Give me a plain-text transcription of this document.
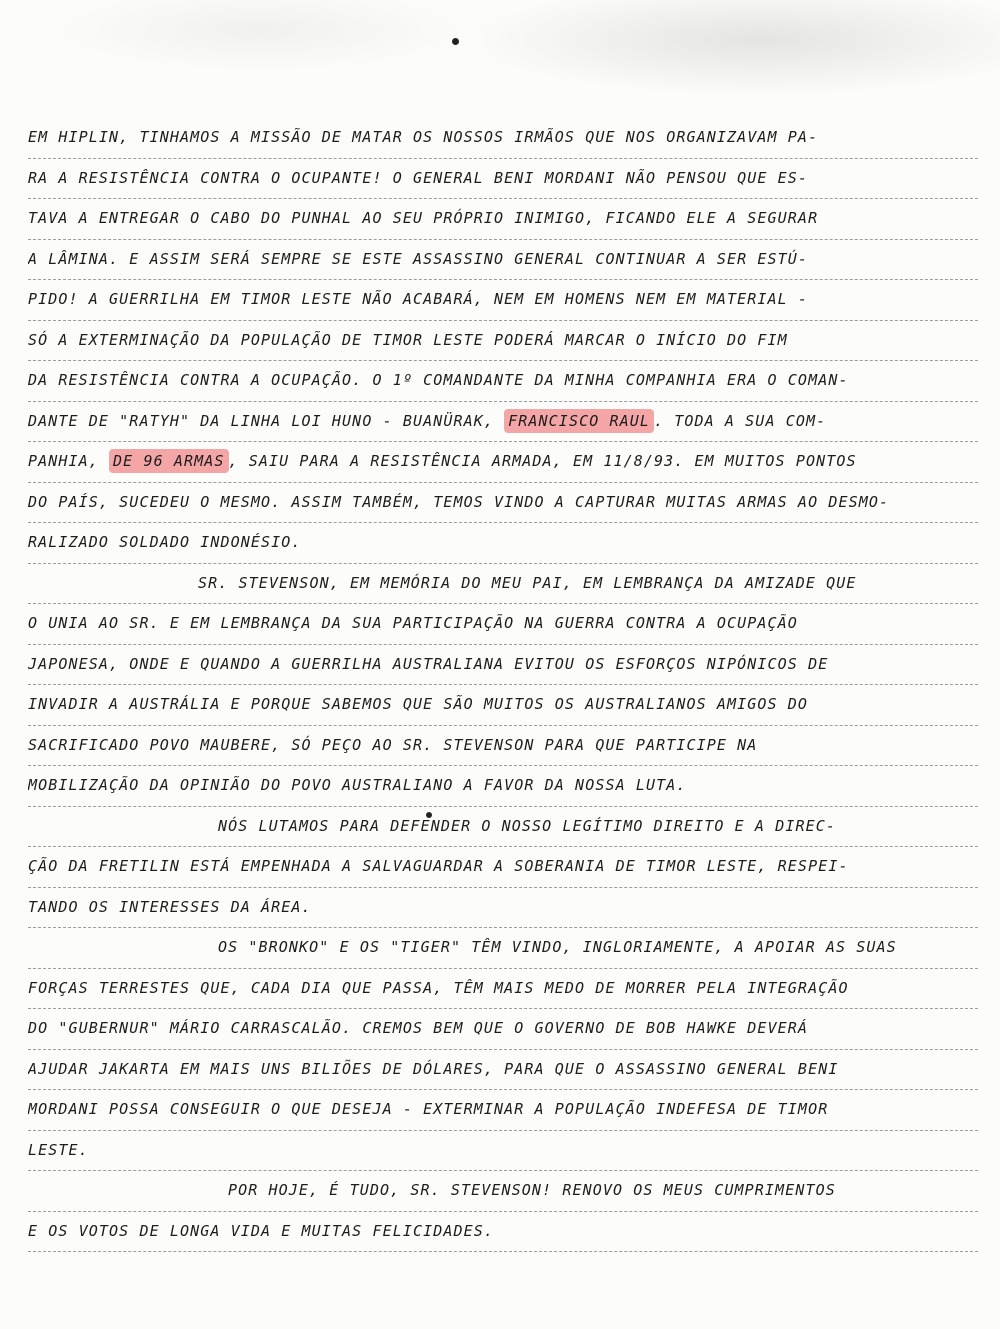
EM HIPLIN, TINHAMOS A MISSÃO DE MATAR OS NOSSOS IRMÃOS QUE NOS ORGANIZAVAM PA-
RA A RESISTÊNCIA CONTRA O OCUPANTE! O GENERAL BENI MORDANI NÃO PENSOU QUE ES-
TAVA A ENTREGAR O CABO DO PUNHAL AO SEU PRÓPRIO INIMIGO, FICANDO ELE A SEGURAR
A LÂMINA. E ASSIM SERÁ SEMPRE SE ESTE ASSASSINO GENERAL CONTINUAR A SER ESTÚ-
PIDO! A GUERRILHA EM TIMOR LESTE NÃO ACABARÁ, NEM EM HOMENS NEM EM MATERIAL -
SÓ A EXTERMINAÇÃO DA POPULAÇÃO DE TIMOR LESTE PODERÁ MARCAR O INÍCIO DO FIM
DA RESISTÊNCIA CONTRA A OCUPAÇÃO. O 1º COMANDANTE DA MINHA COMPANHIA ERA O COMAN-
DANTE DE "RATYH" DA LINHA LOI HUNO - BUANÜRAK, FRANCISCO RAUL . TODA A SUA COM-
PANHIA, DE 96 ARMAS , SAIU PARA A RESISTÊNCIA ARMADA, EM 11/8/93. EM MUITOS PONTOS
DO PAÍS, SUCEDEU O MESMO. ASSIM TAMBÉM, TEMOS VINDO A CAPTURAR MUITAS ARMAS AO DESMO-
RALIZADO SOLDADO INDONÉSIO.
SR. STEVENSON, EM MEMÓRIA DO MEU PAI, EM LEMBRANÇA DA AMIZADE QUE
O UNIA AO SR. E EM LEMBRANÇA DA SUA PARTICIPAÇÃO NA GUERRA CONTRA A OCUPAÇÃO
JAPONESA, ONDE E QUANDO A GUERRILHA AUSTRALIANA EVITOU OS ESFORÇOS NIPÓNICOS DE
INVADIR A AUSTRÁLIA E PORQUE SABEMOS QUE SÃO MUITOS OS AUSTRALIANOS AMIGOS DO
SACRIFICADO POVO MAUBERE, SÓ PEÇO AO SR. STEVENSON PARA QUE PARTICIPE NA
MOBILIZAÇÃO DA OPINIÃO DO POVO AUSTRALIANO A FAVOR DA NOSSA LUTA.
NÓS LUTAMOS PARA DEFENDER O NOSSO LEGÍTIMO DIREITO E A DIREC-
ÇÃO DA FRETILIN ESTÁ EMPENHADA A SALVAGUARDAR A SOBERANIA DE TIMOR LESTE, RESPEI-
TANDO OS INTERESSES DA ÁREA.
OS "BRONKO" E OS "TIGER" TÊM VINDO, INGLORIAMENTE, A APOIAR AS SUAS
FORÇAS TERRESTES QUE, CADA DIA QUE PASSA, TÊM MAIS MEDO DE MORRER PELA INTEGRAÇÃO
DO "GUBERNUR" MÁRIO CARRASCALÃO. CREMOS BEM QUE O GOVERNO DE BOB HAWKE DEVERÁ
AJUDAR JAKARTA EM MAIS UNS BILIÕES DE DÓLARES, PARA QUE O ASSASSINO GENERAL BENI
MORDANI POSSA CONSEGUIR O QUE DESEJA - EXTERMINAR A POPULAÇÃO INDEFESA DE TIMOR
LESTE.
POR HOJE, É TUDO, SR. STEVENSON! RENOVO OS MEUS CUMPRIMENTOS
E OS VOTOS DE LONGA VIDA E MUITAS FELICIDADES.
